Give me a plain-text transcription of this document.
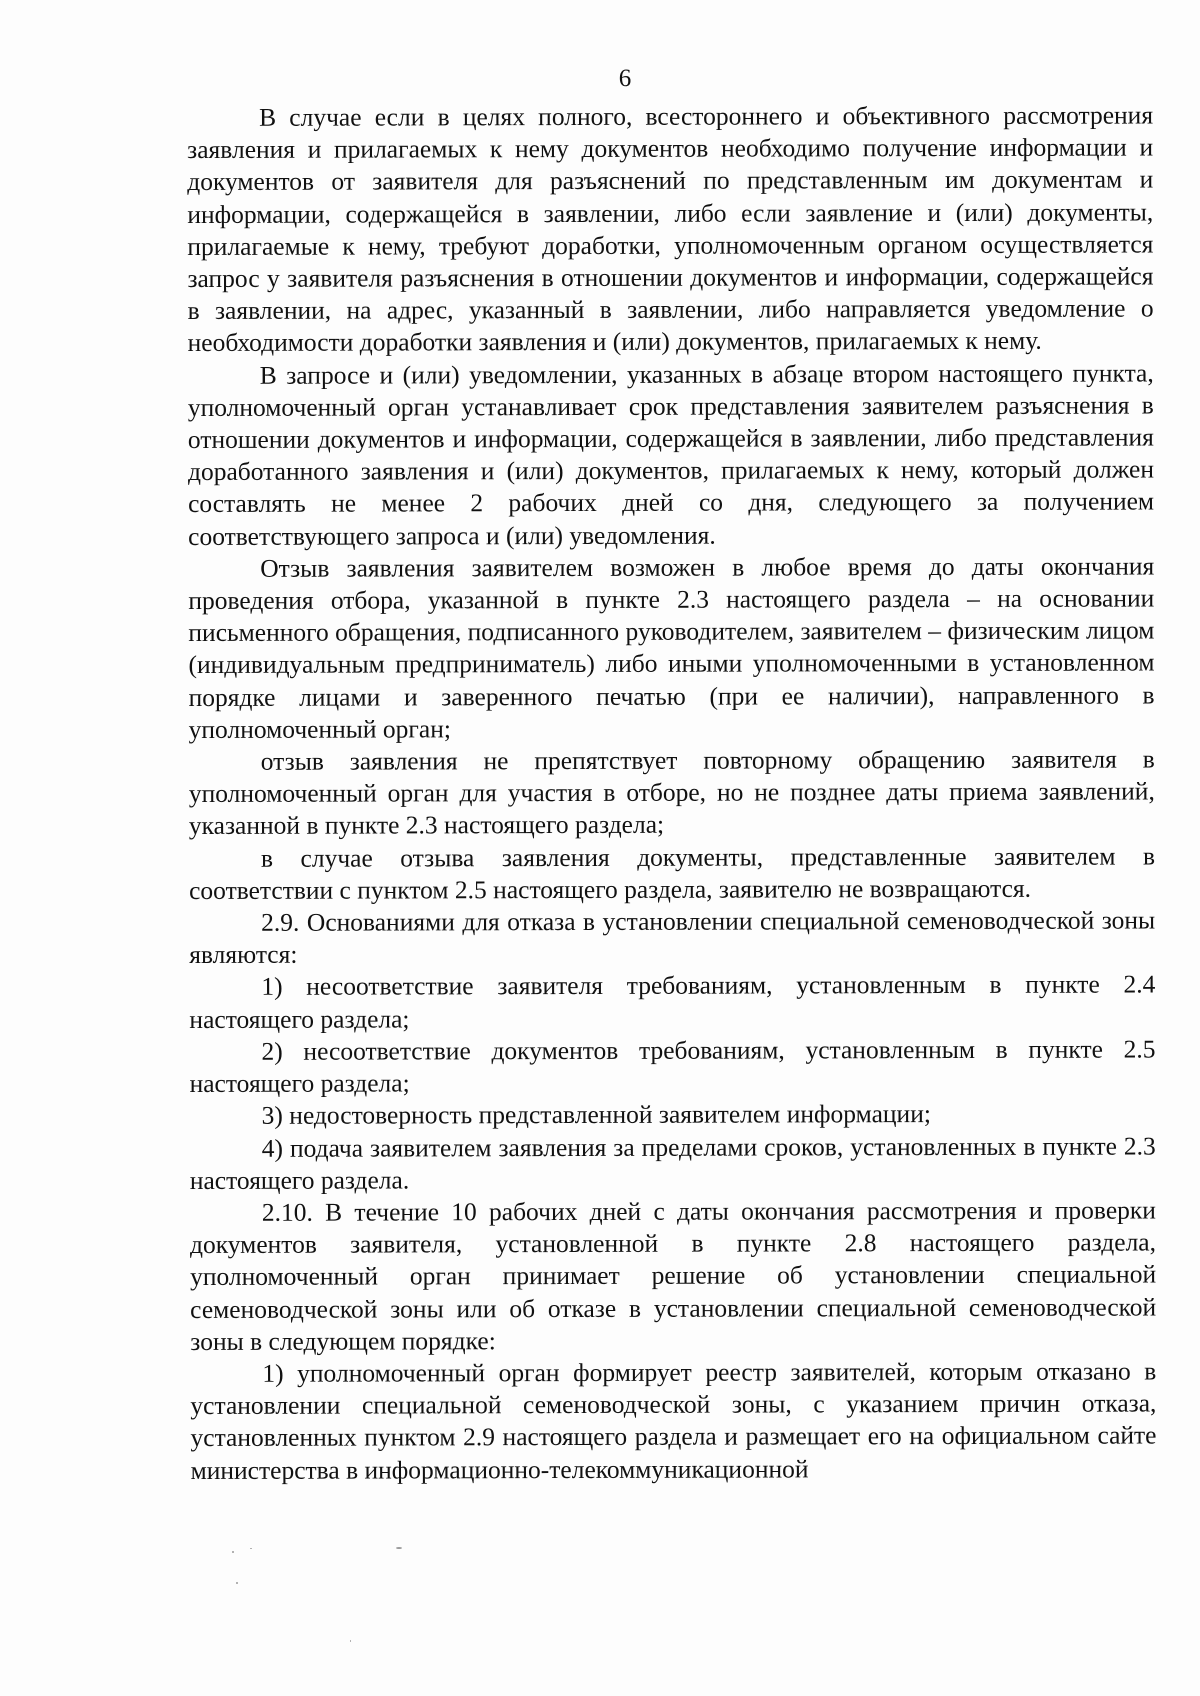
6

В случае если в целях полного, всестороннего и объективного рассмотрения заявления и прилагаемых к нему документов необходимо получение информации и документов от заявителя для разъяснений по представленным им документам и информации, содержащейся в заявлении, либо если заявление и (или) документы, прилагаемые к нему, требуют доработки, уполномоченным органом осуществляется запрос у заявителя разъяснения в отношении документов и информации, содержащейся в заявлении, на адрес, указанный в заявлении, либо направляется уведомление о необходимости доработки заявления и (или) документов, прилагаемых к нему.

В запросе и (или) уведомлении, указанных в абзаце втором настоящего пункта, уполномоченный орган устанавливает срок представления заявителем разъяснения в отношении документов и информации, содержащейся в заявлении, либо представления доработанного заявления и (или) документов, прилагаемых к нему, который должен составлять не менее 2 рабочих дней со дня, следующего за получением соответствующего запроса и (или) уведомления.

Отзыв заявления заявителем возможен в любое время до даты окончания проведения отбора, указанной в пункте 2.3 настоящего раздела – на основании письменного обращения, подписанного руководителем, заявителем – физическим лицом (индивидуальным предприниматель) либо иными уполномоченными в установленном порядке лицами и заверенного печатью (при ее наличии), направленного в уполномоченный орган;

отзыв заявления не препятствует повторному обращению заявителя в уполномоченный орган для участия в отборе, но не позднее даты приема заявлений, указанной в пункте 2.3 настоящего раздела;

в случае отзыва заявления документы, представленные заявителем в соответствии с пунктом 2.5 настоящего раздела, заявителю не возвращаются.

2.9. Основаниями для отказа в установлении специальной семеноводческой зоны являются:

1) несоответствие заявителя требованиям, установленным в пункте 2.4 настоящего раздела;

2) несоответствие документов требованиям, установленным в пункте 2.5 настоящего раздела;

3) недостоверность представленной заявителем информации;

4) подача заявителем заявления за пределами сроков, установленных в пункте 2.3 настоящего раздела.

2.10. В течение 10 рабочих дней с даты окончания рассмотрения и проверки документов заявителя, установленной в пункте 2.8 настоящего раздела, уполномоченный орган принимает решение об установлении специальной семеноводческой зоны или об отказе в установлении специальной семеноводческой зоны в следующем порядке:

1) уполномоченный орган формирует реестр заявителей, которым отказано в установлении специальной семеноводческой зоны, с указанием причин отказа, установленных пунктом 2.9 настоящего раздела и размещает его на официальном сайте министерства в информационно-телекоммуникационной
